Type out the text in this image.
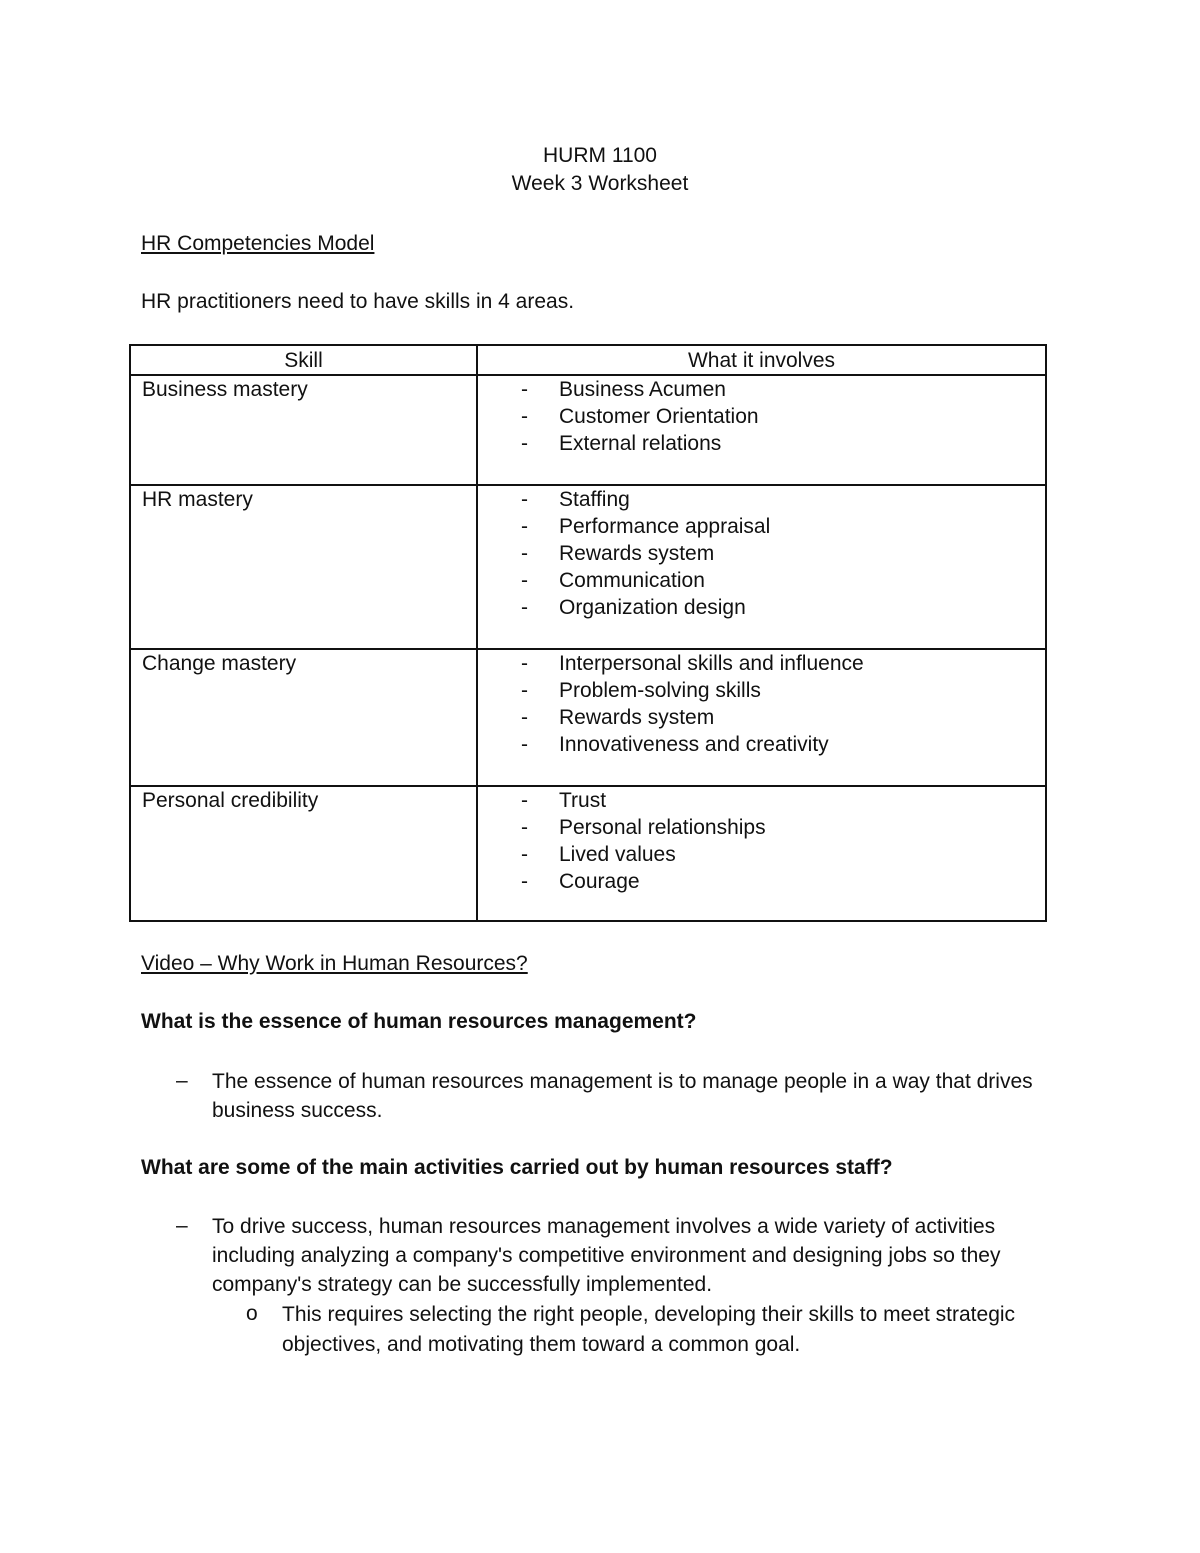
HURM 1100
Week 3 Worksheet
HR Competencies Model
HR practitioners need to have skills in 4 areas.
Skill	What it involves
Business mastery	- Business Acumen
- Customer Orientation
- External relations
HR mastery	- Staffing
- Performance appraisal
- Rewards system
- Communication
- Organization design
Change mastery	- Interpersonal skills and influence
- Problem-solving skills
- Rewards system
- Innovativeness and creativity
Personal credibility	- Trust
- Personal relationships
- Lived values
- Courage
Video – Why Work in Human Resources?
What is the essence of human resources management?
– The essence of human resources management is to manage people in a way that drives business success.
What are some of the main activities carried out by human resources staff?
– To drive success, human resources management involves a wide variety of activities including analyzing a company's competitive environment and designing jobs so they company's strategy can be successfully implemented.
o This requires selecting the right people, developing their skills to meet strategic objectives, and motivating them toward a common goal.
